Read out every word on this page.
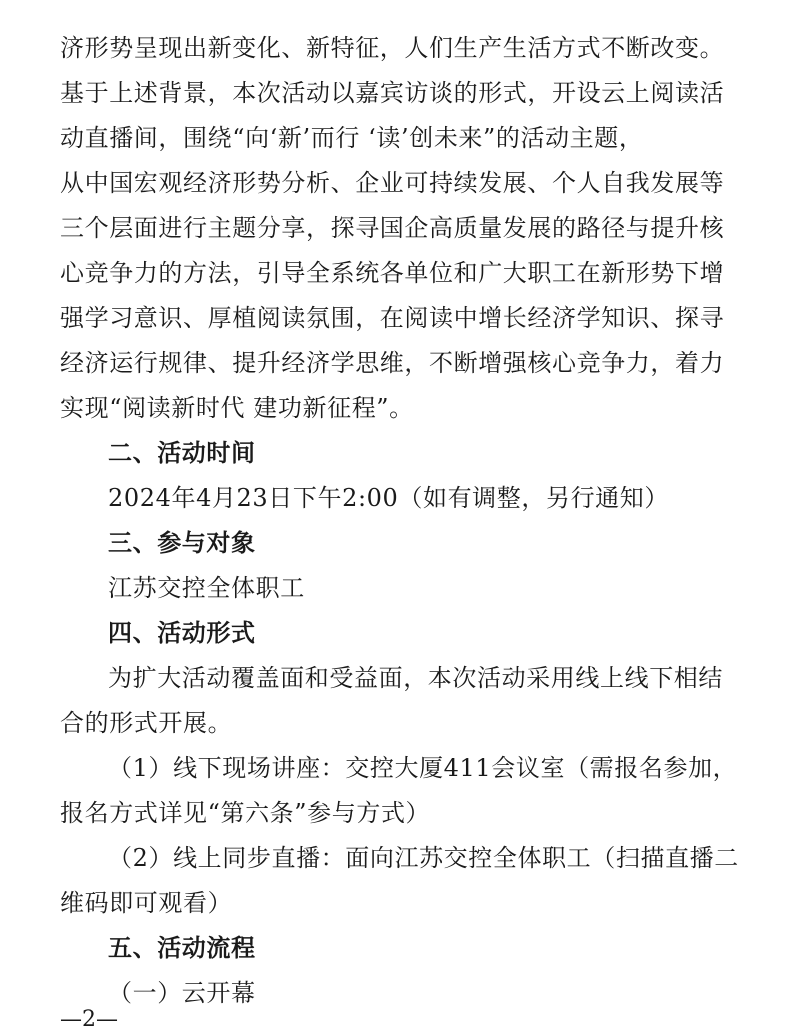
济形势呈现出新变化、新特征，人们生产生活方式不断改变。
基于上述背景，本次活动以嘉宾访谈的形式，开设云上阅读活
动直播间，围绕“向‘新’而行 ‘读’创未来”的活动主题，
从中国宏观经济形势分析、企业可持续发展、个人自我发展等
三个层面进行主题分享，探寻国企高质量发展的路径与提升核
心竞争力的方法，引导全系统各单位和广大职工在新形势下增
强学习意识、厚植阅读氛围，在阅读中增长经济学知识、探寻
经济运行规律、提升经济学思维，不断增强核心竞争力，着力
实现“阅读新时代 建功新征程”。
二、活动时间
2024年4月23日下午2:00（如有调整，另行通知）
三、参与对象
江苏交控全体职工
四、活动形式
为扩大活动覆盖面和受益面，本次活动采用线上线下相结
合的形式开展。
（1）线下现场讲座：交控大厦411会议室（需报名参加，
报名方式详见“第六条”参与方式）
（2）线上同步直播：面向江苏交控全体职工（扫描直播二
维码即可观看）
五、活动流程
（一）云开幕
—2—
